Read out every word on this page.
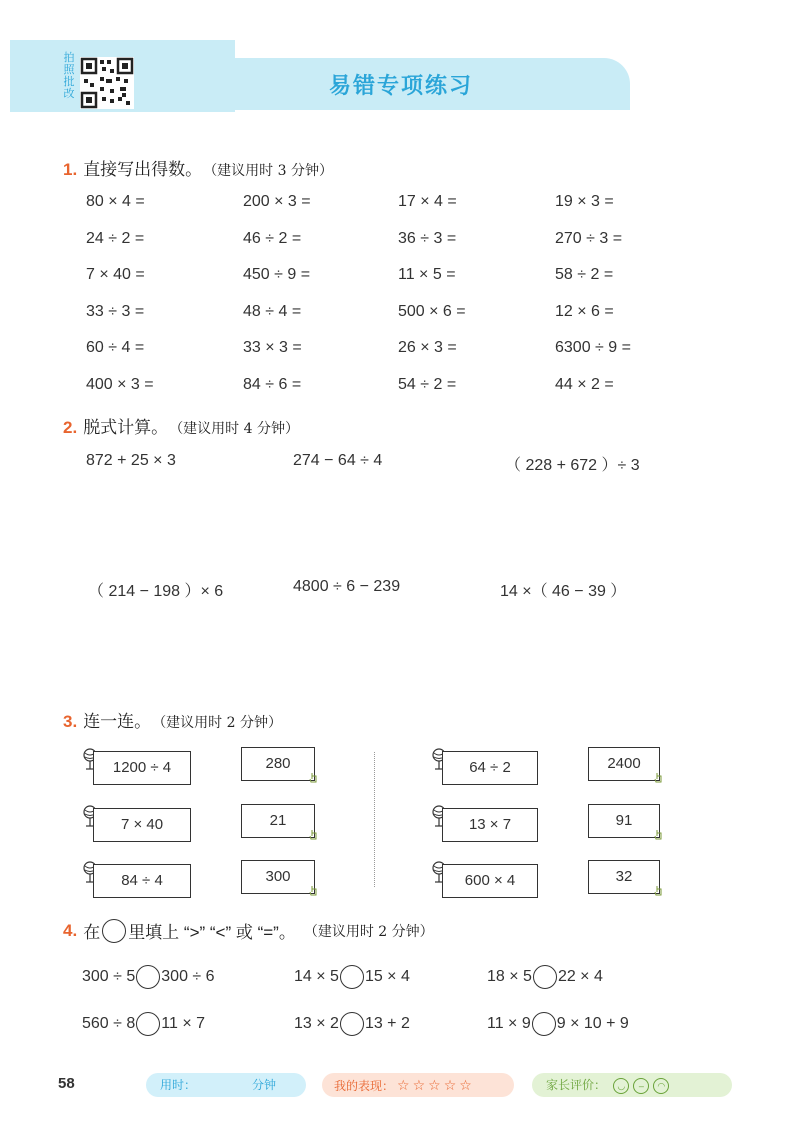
易错专项练习
拍照批改
1. 直接写出得数。 （建议用时 3 分钟）
80 × 4 =	200 × 3 =	17 × 4 =	19 × 3 =
24 ÷ 2 =	46 ÷ 2 =	36 ÷ 3 =	270 ÷ 3 =
7 × 40 =	450 ÷ 9 =	11 × 5 =	58 ÷ 2 =
33 ÷ 3 =	48 ÷ 4 =	500 × 6 =	12 × 6 =
60 ÷ 4 =	33 × 3 =	26 × 3 =	6300 ÷ 9 =
400 × 3 =	84 ÷ 6 =	54 ÷ 2 =	44 × 2 =
2. 脱式计算。 （建议用时 4 分钟）
872 + 25 × 3	274 − 64 ÷ 4	（ 228 + 672 ）÷ 3
（ 214 − 198 ）× 6	4800 ÷ 6 − 239	14 ×（ 46 − 39 ）
3. 连一连。 （建议用时 2 分钟）
1200 ÷ 4	280
7 × 40	21
84 ÷ 4	300
64 ÷ 2	2400
13 × 7	91
600 × 4	32
4. 在 里填上 “>” “<” 或 “=”。 （建议用时 2 分钟）
300 ÷ 5 300 ÷ 6	14 × 5 15 × 4	18 × 5 22 × 4
560 ÷ 8 11 × 7	13 × 2 13 + 2	11 × 9 9 × 10 + 9
58	用时：	分钟	我的表现： ☆ ☆ ☆ ☆ ☆	家长评价： ◡ – ◠
